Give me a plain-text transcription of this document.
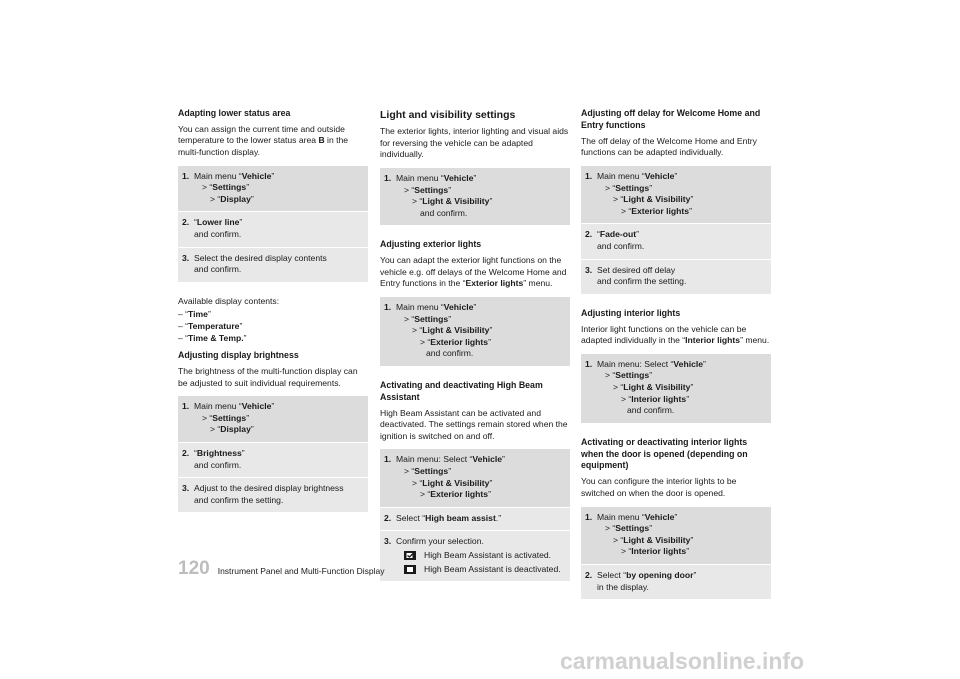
Adapting lower status area
You can assign the current time and outside temperature to the lower status area B in the multi-function display.
1. Main menu “Vehicle”
> “Settings”
> “Display”
2. “Lower line”
and confirm.
3. Select the desired display contents
and confirm.
Available display contents:
– “Time”
– “Temperature”
– “Time & Temp.”
Adjusting display brightness
The brightness of the multi-function display can be adjusted to suit individual requirements.
1. Main menu “Vehicle”
> “Settings”
> “Display”
2. “Brightness”
and confirm.
3. Adjust to the desired display brightness
and confirm the setting.
Light and visibility settings
The exterior lights, interior lighting and visual aids for reversing the vehicle can be adapted individually.
1. Main menu “Vehicle”
> “Settings”
> “Light & Visibility”
and confirm.
Adjusting exterior lights
You can adapt the exterior light functions on the vehicle e.g. off delays of the Welcome Home and Entry functions in the “Exterior lights” menu.
1. Main menu “Vehicle”
> “Settings”
> “Light & Visibility”
> “Exterior lights”
and confirm.
Activating and deactivating High Beam Assistant
High Beam Assistant can be activated and deactivated. The settings remain stored when the ignition is switched on and off.
1. Main menu: Select “Vehicle”
> “Settings”
> “Light & Visibility”
> “Exterior lights”
2. Select “High beam assist.”
3. Confirm your selection.
High Beam Assistant is activated.
High Beam Assistant is deactivated.
Adjusting off delay for Welcome Home and Entry functions
The off delay of the Welcome Home and Entry functions can be adapted individually.
1. Main menu “Vehicle”
> “Settings”
> “Light & Visibility”
> “Exterior lights”
2. “Fade-out”
and confirm.
3. Set desired off delay
and confirm the setting.
Adjusting interior lights
Interior light functions on the vehicle can be adapted individually in the “Interior lights” menu.
1. Main menu: Select “Vehicle”
> “Settings”
> “Light & Visibility”
> “Interior lights”
and confirm.
Activating or deactivating interior lights when the door is opened (depending on equipment)
You can configure the interior lights to be switched on when the door is opened.
1. Main menu “Vehicle”
> “Settings”
> “Light & Visibility”
> “Interior lights”
2. Select “by opening door”
in the display.
120 Instrument Panel and Multi-Function Display
carmanualsonline.info
